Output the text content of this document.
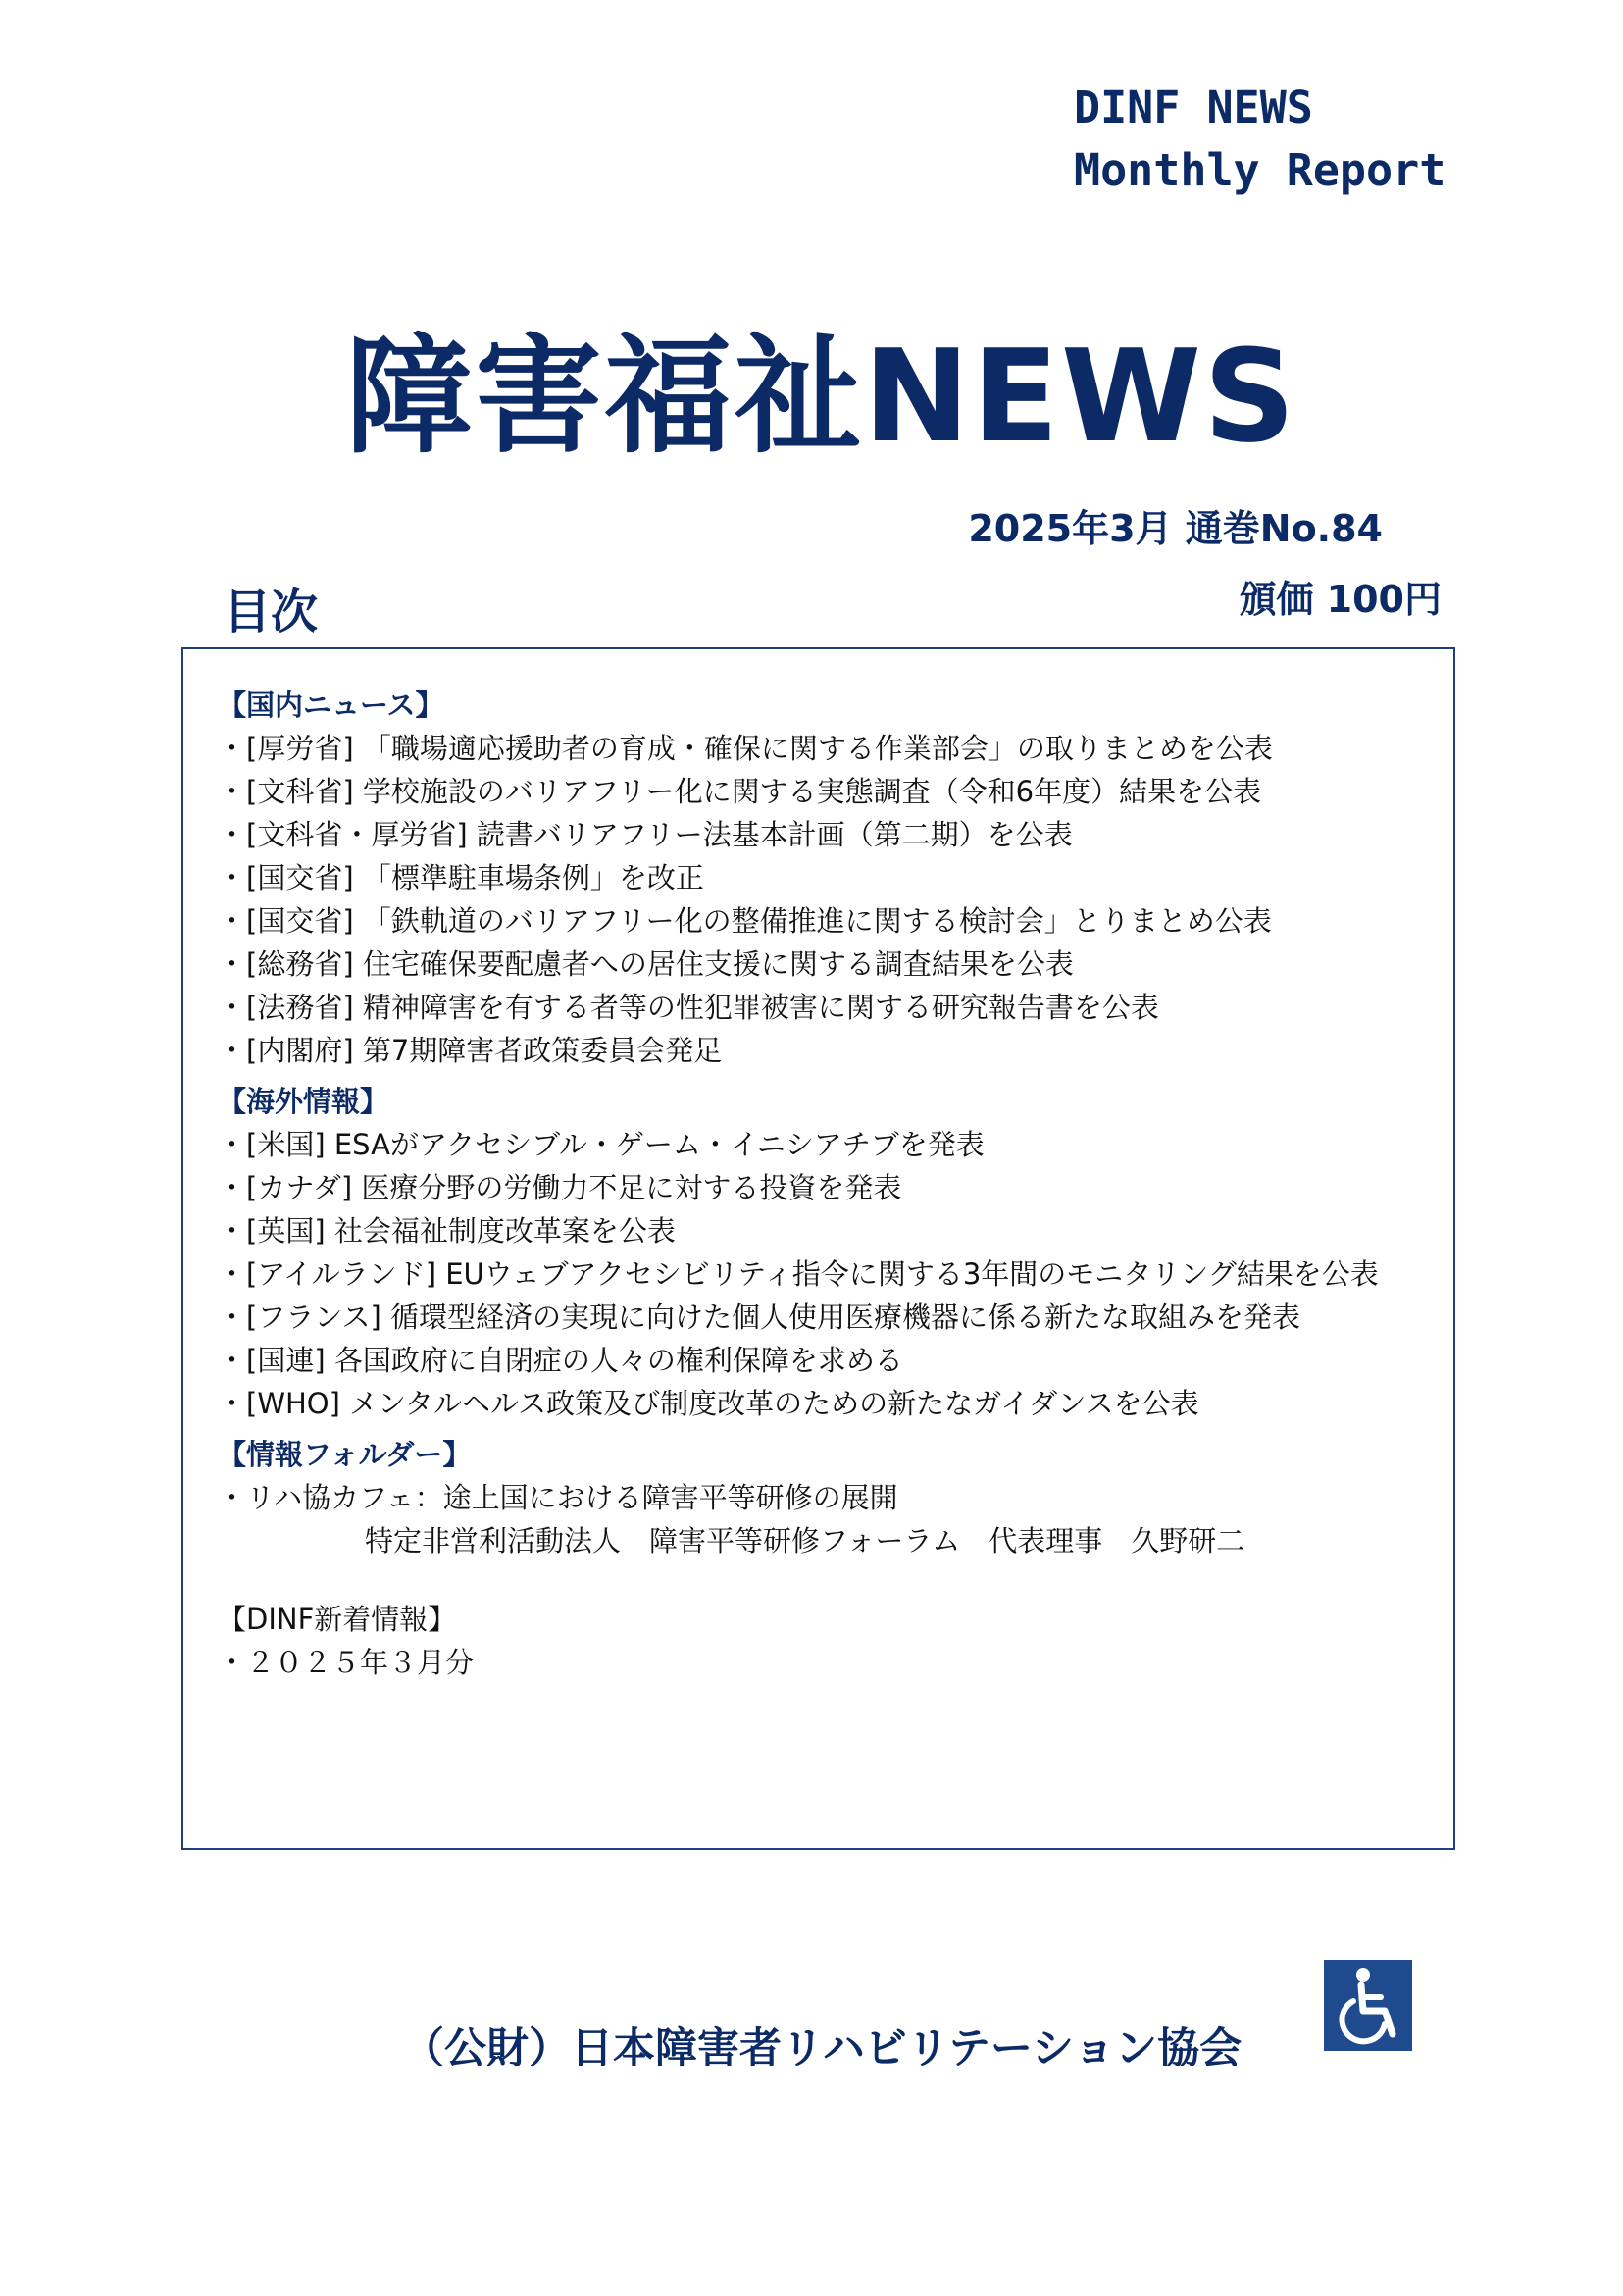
DINF NEWS
Monthly Report
障害福祉NEWS
2025年3月 通巻No.84
目次	頒価 100円
【国内ニュース】
・[厚労省] 「職場適応援助者の育成・確保に関する作業部会」の取りまとめを公表
・[文科省] 学校施設のバリアフリー化に関する実態調査（令和6年度）結果を公表
・[文科省・厚労省] 読書バリアフリー法基本計画（第二期）を公表
・[国交省] 「標準駐車場条例」を改正
・[国交省] 「鉄軌道のバリアフリー化の整備推進に関する検討会」とりまとめ公表
・[総務省] 住宅確保要配慮者への居住支援に関する調査結果を公表
・[法務省] 精神障害を有する者等の性犯罪被害に関する研究報告書を公表
・[内閣府] 第7期障害者政策委員会発足
【海外情報】
・[米国] ESAがアクセシブル・ゲーム・イニシアチブを発表
・[カナダ] 医療分野の労働力不足に対する投資を発表
・[英国] 社会福祉制度改革案を公表
・[アイルランド] EUウェブアクセシビリティ指令に関する3年間のモニタリング結果を公表
・[フランス] 循環型経済の実現に向けた個人使用医療機器に係る新たな取組みを発表
・[国連] 各国政府に自閉症の人々の権利保障を求める
・[WHO] メンタルヘルス政策及び制度改革のための新たなガイダンスを公表
【情報フォルダー】
・リハ協カフェ：途上国における障害平等研修の展開
特定非営利活動法人　障害平等研修フォーラム　代表理事　久野研二
【DINF新着情報】
・２０２５年３月分
（公財）日本障害者リハビリテーション協会
